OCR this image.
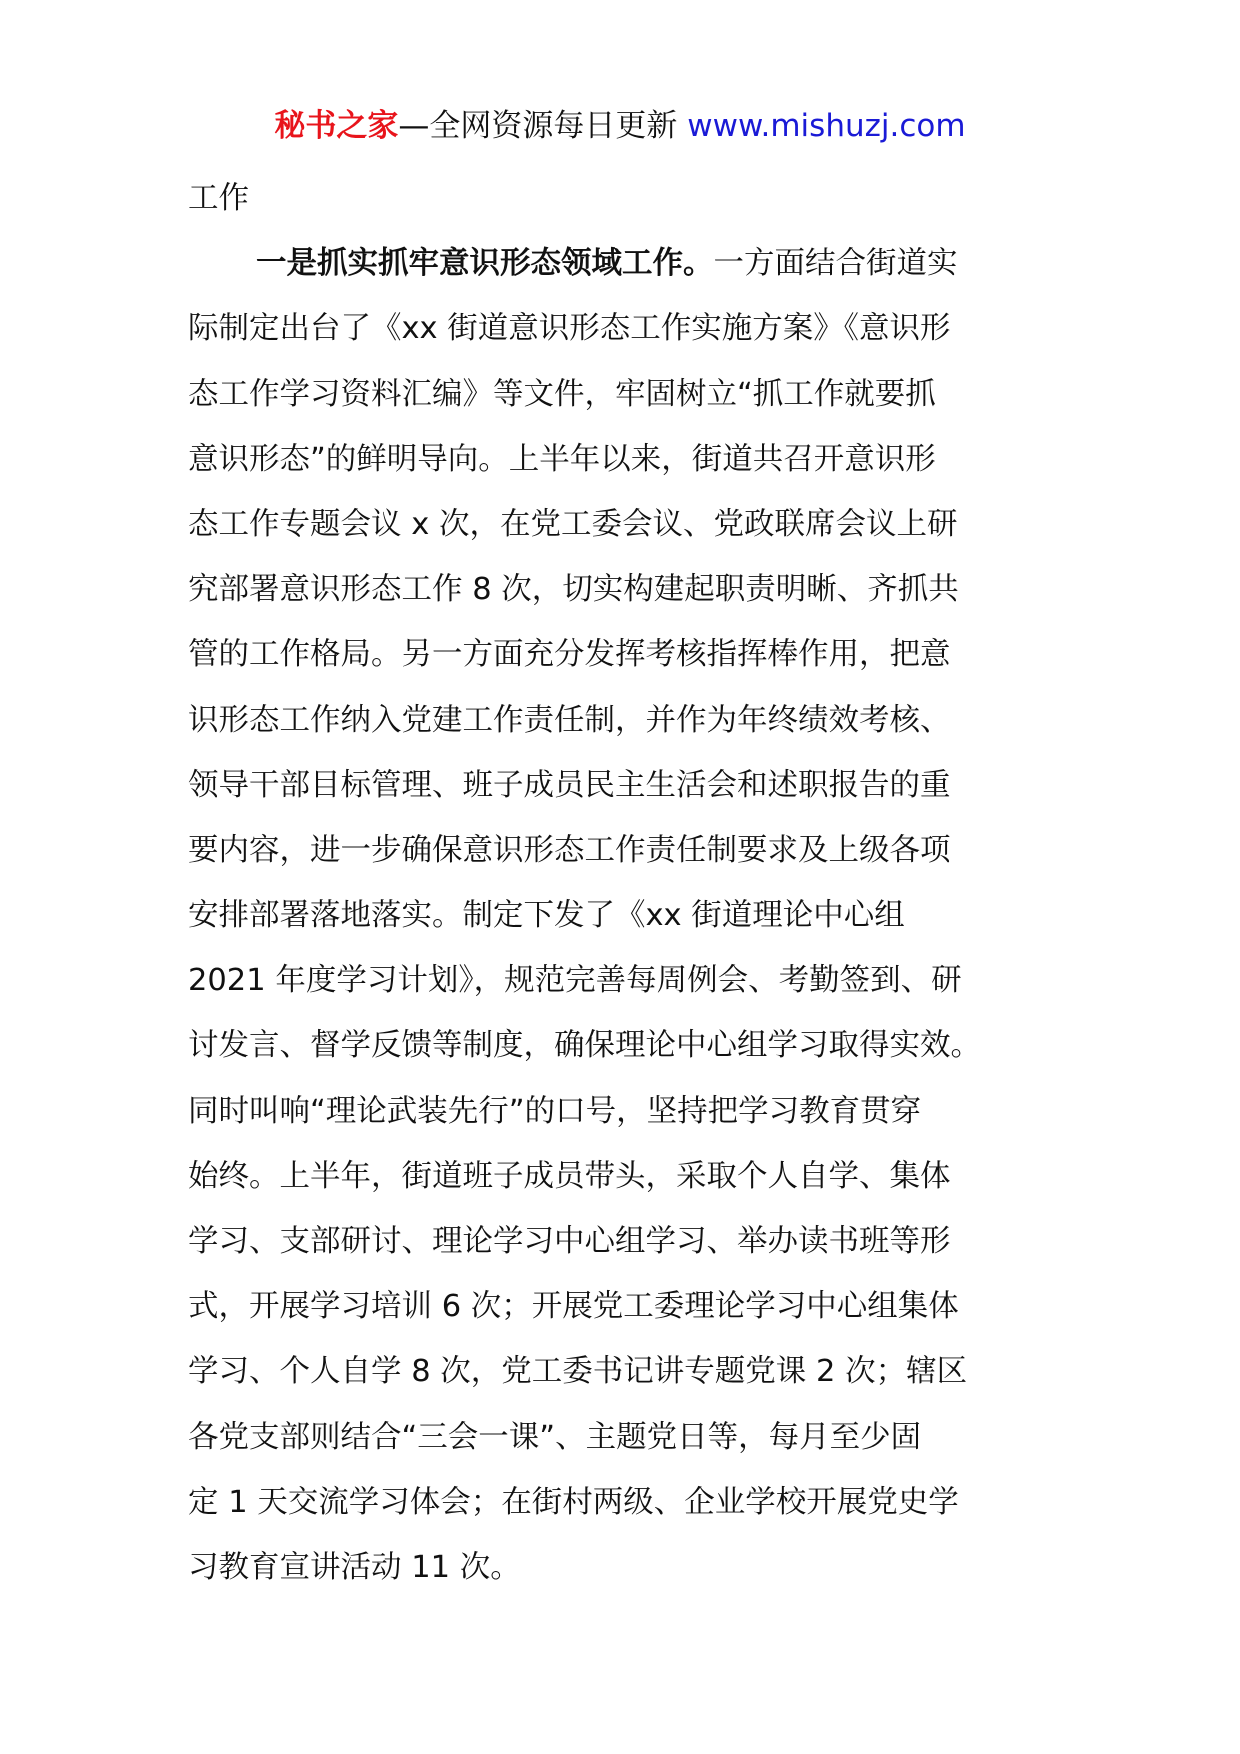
秘书之家—全网资源每日更新 www.mishuzj.com
工作
一是抓实抓牢意识形态领域工作。一方面结合街道实
际制定出台了《xx 街道意识形态工作实施方案》《意识形
态工作学习资料汇编》等文件，牢固树立“抓工作就要抓
意识形态”的鲜明导向。上半年以来，街道共召开意识形
态工作专题会议 x 次，在党工委会议、党政联席会议上研
究部署意识形态工作 8 次，切实构建起职责明晰、齐抓共
管的工作格局。另一方面充分发挥考核指挥棒作用，把意
识形态工作纳入党建工作责任制，并作为年终绩效考核、
领导干部目标管理、班子成员民主生活会和述职报告的重
要内容，进一步确保意识形态工作责任制要求及上级各项
安排部署落地落实。制定下发了《xx 街道理论中心组
2021 年度学习计划》，规范完善每周例会、考勤签到、研
讨发言、督学反馈等制度，确保理论中心组学习取得实效。
同时叫响“理论武装先行”的口号，坚持把学习教育贯穿
始终。上半年，街道班子成员带头，采取个人自学、集体
学习、支部研讨、理论学习中心组学习、举办读书班等形
式，开展学习培训 6 次；开展党工委理论学习中心组集体
学习、个人自学 8 次，党工委书记讲专题党课 2 次；辖区
各党支部则结合“三会一课”、主题党日等，每月至少固
定 1 天交流学习体会；在街村两级、企业学校开展党史学
习教育宣讲活动 11 次。
